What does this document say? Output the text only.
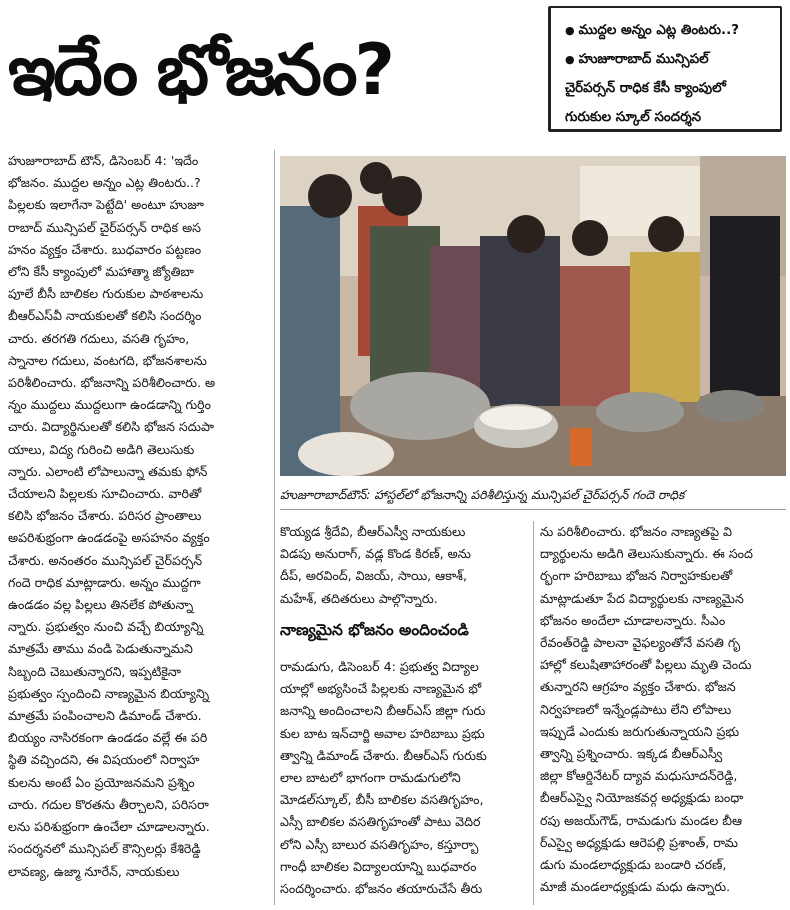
ఇదేం భోజనం?	● ముద్దల అన్నం ఎట్ల తింటరు..?
● హుజూరాబాద్ మున్సిపల్
చైర్‌పర్సన్ రాధిక కేసీ క్యాంపులో
గురుకుల స్కూల్ సందర్శన
హుజూరాబాద్ టౌన్, డిసెంబర్ 4: 'ఇదేం
భోజనం. ముద్దల అన్నం ఎట్ల తింటరు..?
పిల్లలకు ఇలాగేనా పెట్టేది' అంటూ హుజూ
రాబాద్ మున్సిపల్ చైర్‌పర్సన్ రాధిక అస
హనం వ్యక్తం చేశారు. బుధవారం పట్టణం
లోని కేసీ క్యాంపులో మహాత్మా జ్యోతిబా
పూలే బీసీ బాలికల గురుకుల పాఠశాలను
బీఆర్‌ఎస్‌వీ నాయకులతో కలిసి సందర్శిం
చారు. తరగతి గదులు, వసతి గృహం,
స్నానాల గదులు, వంటగది, భోజనశాలను
పరిశీలించారు. భోజనాన్ని పరిశీలించారు. అ
న్నం ముద్దలు ముద్దలుగా ఉండడాన్ని గుర్తిం
చారు. విద్యార్థినులతో కలిసి భోజన సదుపా
యాలు, విద్య గురించి అడిగి తెలుసుకు
న్నారు. ఎలాంటి లోపాలున్నా తమకు ఫోన్
చేయాలని పిల్లలకు సూచించారు. వారితో
కలిసి భోజనం చేశారు. పరిసర ప్రాంతాలు
అపరిశుభ్రంగా ఉండడంపై అసహనం వ్యక్తం
చేశారు. అనంతరం మున్సిపల్ చైర్‌పర్సన్
గందె రాధిక మాట్లాడారు. అన్నం ముద్దగా
ఉండడం వల్ల పిల్లలు తినలేక పోతున్నా
న్నారు. ప్రభుత్వం నుంచి వచ్చే బియ్యాన్ని
మాత్రమే తాము వండి పెడుతున్నామని
సిబ్బంది చెబుతున్నారని, ఇప్పటికైనా
ప్రభుత్వం స్పందించి నాణ్యమైన బియ్యాన్ని
మాత్రమే పంపించాలని డిమాండ్ చేశారు.
బియ్యం నాసిరకంగా ఉండడం వల్లే ఈ పరి
స్థితి వచ్చిందని, ఈ విషయంలో నిర్వాహ
కులను అంటే ఏం ప్రయోజనమని ప్రశ్నిం
చారు. గదుల కొరతను తీర్చాలని, పరిసరా
లను పరిశుభ్రంగా ఉంచేలా చూడాలన్నారు.
సందర్శనలో మున్సిపల్ కౌన్సిలర్లు కేశిరెడ్డి
లావణ్య, ఉజ్మా నూరేన్, నాయకులు
హుజూరాబాద్‌టౌన్: హాస్టల్‌లో భోజనాన్ని పరిశీలిస్తున్న మున్సిపల్ చైర్‌పర్సన్ గందె రాధిక
కొయ్యడ శ్రీదేవి, బీఆర్‌ఎస్వీ నాయకులు
విడపు అనురాగ్, వడ్ల కొండ కిరణ్, అను
దీప్, అరవింద్, విజయ్, సాయి, ఆకాశ్,
మహేశ్, తదితరులు పాల్గొన్నారు.
నాణ్యమైన భోజనం అందించండి
రామడుగు, డిసెంబర్ 4: ప్రభుత్వ విద్యాల
యాల్లో అభ్యసించే పిల్లలకు నాణ్యమైన భో
జనాన్ని అందించాలని బీఆర్‌ఎస్ జిల్లా గురు
కుల బాట ఇన్‌చార్జి అవాల హరిబాబు ప్రభు
త్వాన్ని డిమాండ్ చేశారు. బీఆర్‌ఎస్ గురుకు
లాల బాటలో భాగంగా రామడుగులోని
మోడల్‌స్కూల్, బీసీ బాలికల వసతిగృహం,
ఎస్సీ బాలికల వసతిగృహంతో పాటు వెదిర
లోని ఎస్సీ బాలుర వసతిగృహం, కస్తూర్బా
గాంధీ బాలికల విద్యాలయాన్ని బుధవారం
సందర్శించారు. భోజనం తయారుచేసే తీరు
ను పరిశీలించారు. భోజనం నాణ్యతపై వి
ద్యార్థులను అడిగి తెలుసుకున్నారు. ఈ సంద
ర్భంగా హరిబాబు భోజన నిర్వాహకులతో
మాట్లాడుతూ పేద విద్యార్థులకు నాణ్యమైన
భోజనం అందేలా చూడాలన్నారు. సీఎం
రేవంత్‌రెడ్డి పాలనా వైఫల్యంతోనే వసతి గృ
హాల్లో కలుషితాహారంతో పిల్లలు మృతి చెందు
తున్నారని ఆగ్రహం వ్యక్తం చేశారు. భోజన
నిర్వహణలో ఇన్నేండ్లపాటు లేని లోపాలు
ఇప్పుడే ఎందుకు జరుగుతున్నాయని ప్రభు
త్వాన్ని ప్రశ్నించారు. ఇక్కడ బీఆర్‌ఎస్వీ
జిల్లా కోఆర్డినేటర్ ద్యావ మధుసూదన్‌రెడ్డి,
బీఆర్‌ఎస్వై నియోజకవర్గ అధ్యక్షుడు బంధా
రపు అజయ్‌గౌడ్, రామడుగు మండల బీఆ
ర్‌ఎస్వై అధ్యక్షుడు ఆరెపల్లి ప్రశాంత్, రామ
డుగు మండలాధ్యక్షుడు బండారి చరణ్,
మాజీ మండలాధ్యక్షుడు మధు ఉన్నారు.
